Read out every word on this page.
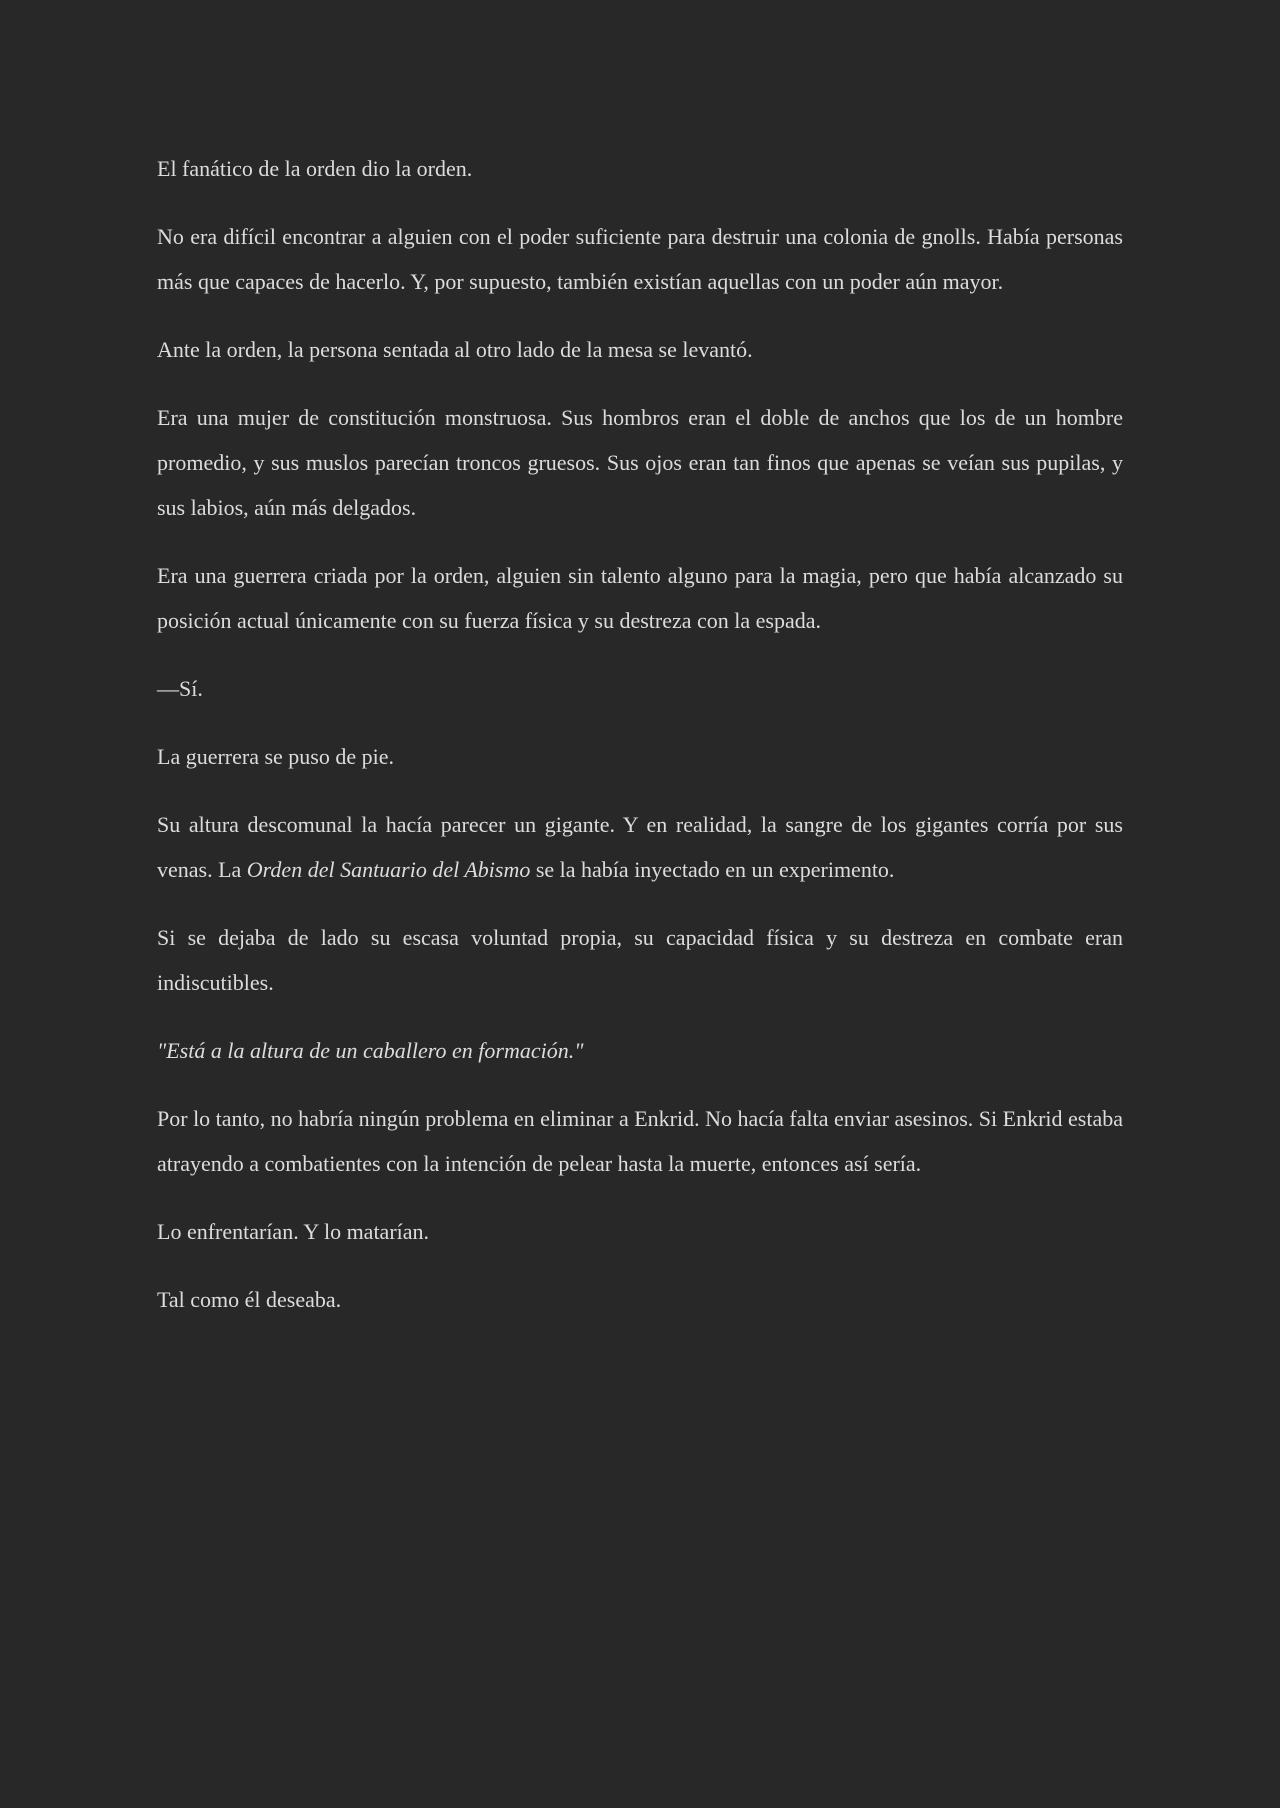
El fanático de la orden dio la orden.

No era difícil encontrar a alguien con el poder suficiente para destruir una colonia de gnolls. Había personas más que capaces de hacerlo. Y, por supuesto, también existían aquellas con un poder aún mayor.

Ante la orden, la persona sentada al otro lado de la mesa se levantó.

Era una mujer de constitución monstruosa. Sus hombros eran el doble de anchos que los de un hombre promedio, y sus muslos parecían troncos gruesos. Sus ojos eran tan finos que apenas se veían sus pupilas, y sus labios, aún más delgados.

Era una guerrera criada por la orden, alguien sin talento alguno para la magia, pero que había alcanzado su posición actual únicamente con su fuerza física y su destreza con la espada.

—Sí.

La guerrera se puso de pie.

Su altura descomunal la hacía parecer un gigante. Y en realidad, la sangre de los gigantes corría por sus venas. La Orden del Santuario del Abismo se la había inyectado en un experimento.

Si se dejaba de lado su escasa voluntad propia, su capacidad física y su destreza en combate eran indiscutibles.

"Está a la altura de un caballero en formación."

Por lo tanto, no habría ningún problema en eliminar a Enkrid. No hacía falta enviar asesinos. Si Enkrid estaba atrayendo a combatientes con la intención de pelear hasta la muerte, entonces así sería.

Lo enfrentarían. Y lo matarían.

Tal como él deseaba.
